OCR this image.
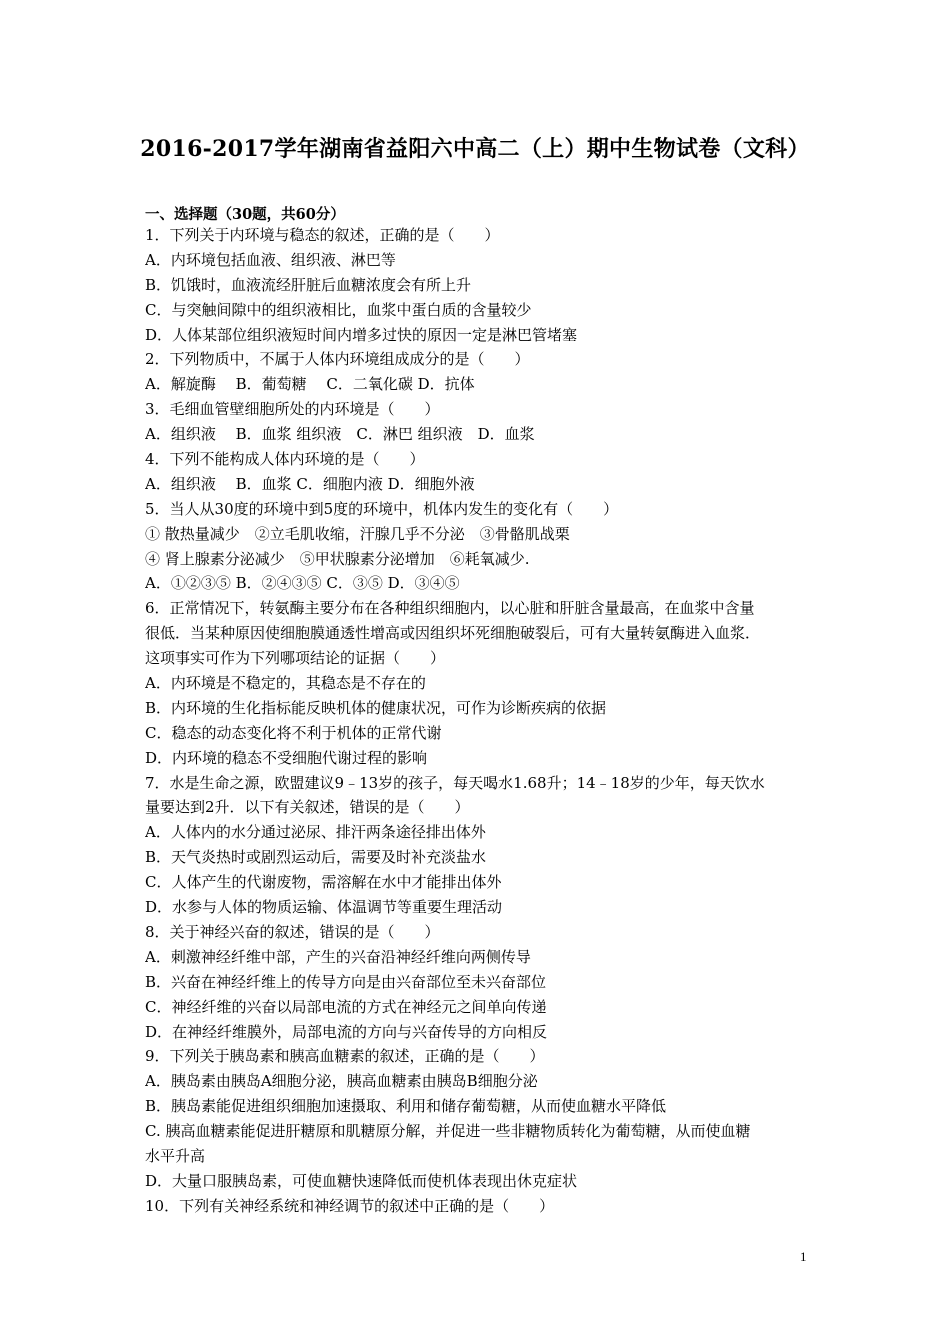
2016-2017学年湖南省益阳六中高二（上）期中生物试卷（文科）
一、选择题（30题，共60分）
1．下列关于内环境与稳态的叙述，正确的是（　　）
A．内环境包括血液、组织液、淋巴等
B．饥饿时，血液流经肝脏后血糖浓度会有所上升
C．与突触间隙中的组织液相比，血浆中蛋白质的含量较少
D．人体某部位组织液短时间内增多过快的原因一定是淋巴管堵塞
2．下列物质中，不属于人体内环境组成成分的是（　　）
A．解旋酶　 B．葡萄糖　 C．二氧化碳 D．抗体
3．毛细血管壁细胞所处的内环境是（　　）
A．组织液　 B．血浆 组织液　C．淋巴 组织液　D．血浆
4．下列不能构成人体内环境的是（　　）
A．组织液　 B．血浆 C．细胞内液 D．细胞外液
5．当人从30度的环境中到5度的环境中，机体内发生的变化有（　　）
① 散热量减少　②立毛肌收缩，汗腺几乎不分泌　③骨骼肌战栗
④ 肾上腺素分泌减少　⑤甲状腺素分泌增加　⑥耗氧减少.
A．①②③⑤ B．②④③⑤ C．③⑤ D．③④⑤
6．正常情况下，转氨酶主要分布在各种组织细胞内，以心脏和肝脏含量最高，在血浆中含量
很低．当某种原因使细胞膜通透性增高或因组织坏死细胞破裂后，可有大量转氨酶进入血浆．
这项事实可作为下列哪项结论的证据（　　）
A．内环境是不稳定的，其稳态是不存在的
B．内环境的生化指标能反映机体的健康状况，可作为诊断疾病的依据
C．稳态的动态变化将不利于机体的正常代谢
D．内环境的稳态不受细胞代谢过程的影响
7．水是生命之源，欧盟建议9﹣13岁的孩子，每天喝水1.68升；14﹣18岁的少年，每天饮水
量要达到2升．以下有关叙述，错误的是（　　）
A．人体内的水分通过泌尿、排汗两条途径排出体外
B．天气炎热时或剧烈运动后，需要及时补充淡盐水
C．人体产生的代谢废物，需溶解在水中才能排出体外
D．水参与人体的物质运输、体温调节等重要生理活动
8．关于神经兴奋的叙述，错误的是（　　）
A．刺激神经纤维中部，产生的兴奋沿神经纤维向两侧传导
B．兴奋在神经纤维上的传导方向是由兴奋部位至未兴奋部位
C．神经纤维的兴奋以局部电流的方式在神经元之间单向传递
D．在神经纤维膜外，局部电流的方向与兴奋传导的方向相反
9．下列关于胰岛素和胰高血糖素的叙述，正确的是（　　）
A．胰岛素由胰岛A细胞分泌，胰高血糖素由胰岛B细胞分泌
B．胰岛素能促进组织细胞加速摄取、利用和储存葡萄糖，从而使血糖水平降低
C. 胰高血糖素能促进肝糖原和肌糖原分解，并促进一些非糖物质转化为葡萄糖，从而使血糖
水平升高
D．大量口服胰岛素，可使血糖快速降低而使机体表现出休克症状
10．下列有关神经系统和神经调节的叙述中正确的是（　　）
1
